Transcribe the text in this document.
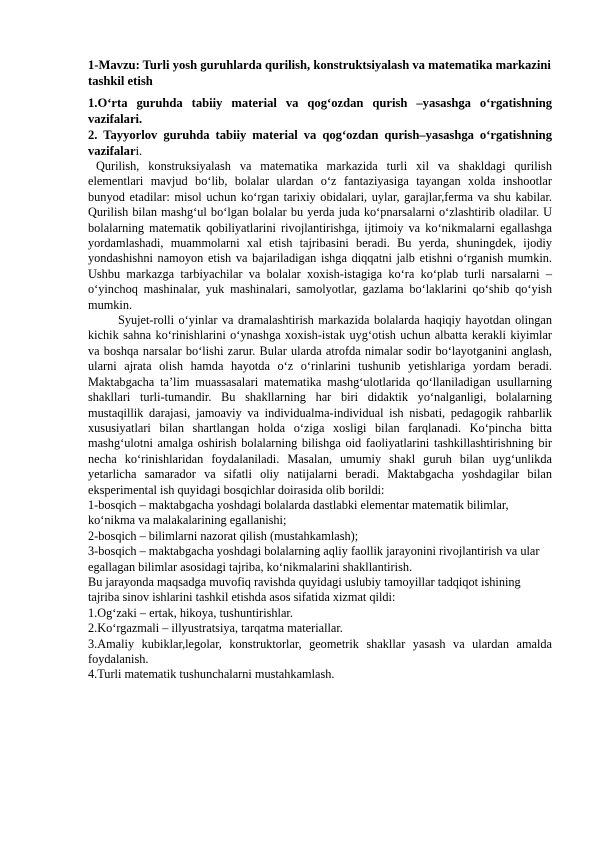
1-Mavzu: Turli yosh guruhlarda qurilish, konstruktsiyalash va matematika markazini tashkil etish

1.O‘rta guruhda tabiiy material va qog‘ozdan qurish –yasashga o‘rgatishning vazifalari.

2. Tayyorlov guruhda tabiiy material va qog‘ozdan qurish–yasashga o‘rgatishning vazifalari.

Qurilish, konstruksiyalash va matematika markazida turli xil va shakldagi qurilish elementlari mavjud bo‘lib, bolalar ulardan o‘z fantaziyasiga tayangan xolda inshootlar bunyod etadilar: misol uchun ko‘rgan tarixiy obidalari, uylar, garajlar,ferma va shu kabilar. Qurilish bilan mashg‘ul bo‘lgan bolalar bu yerda juda ko‘pnarsalarni o‘zlashtirib oladilar. U bolalarning matematik qobiliyatlarini rivojlantirishga, ijtimoiy va ko‘nikmalarni egallashga yordamlashadi, muammolarni xal etish tajribasini beradi. Bu yerda, shuningdek, ijodiy yondashishni namoyon etish va bajariladigan ishga diqqatni jalb etishni o‘rganish mumkin. Ushbu markazga tarbiyachilar va bolalar xoxish-istagiga ko‘ra ko‘plab turli narsalarni – o‘yinchoq mashinalar, yuk mashinalari, samolyotlar, gazlama bo‘laklarini qo‘shib qo‘yish mumkin.

Syujet-rolli o‘yinlar va dramalashtirish markazida bolalarda haqiqiy hayotdan olingan kichik sahna ko‘rinishlarini o‘ynashga xoxish-istak uyg‘otish uchun albatta kerakli kiyimlar va boshqa narsalar bo‘lishi zarur. Bular ularda atrofda nimalar sodir bo‘layotganini anglash, ularni ajrata olish hamda hayotda o‘z o‘rinlarini tushunib yetishlariga yordam beradi. Maktabgacha ta’lim muassasalari matematika mashg‘ulotlarida qo‘llaniladigan usullarning shakllari turli-tumandir. Bu shakllarning har biri didaktik yo‘nalganligi, bolalarning mustaqillik darajasi, jamoaviy va individualma-individual ish nisbati, pedagogik rahbarlik xususiyatlari bilan shartlangan holda o‘ziga xosligi bilan farqlanadi. Ko‘pincha bitta mashg‘ulotni amalga oshirish bolalarning bilishga oid faoliyatlarini tashkillashtirishning bir necha ko‘rinishlaridan foydalaniladi. Masalan, umumiy shakl guruh bilan uyg‘unlikda yetarlicha samarador va sifatli oliy natijalarni beradi. Maktabgacha yoshdagilar bilan eksperimental ish quyidagi bosqichlar doirasida olib borildi:

1-bosqich – maktabgacha yoshdagi bolalarda dastlabki elementar matematik bilimlar, ko‘nikma va malakalarining egallanishi;

2-bosqich – bilimlarni nazorat qilish (mustahkamlash);

3-bosqich – maktabgacha yoshdagi bolalarning aqliy faollik jarayonini rivojlantirish va ular egallagan bilimlar asosidagi tajriba, ko‘nikmalarini shakllantirish.

Bu jarayonda maqsadga muvofiq ravishda quyidagi uslubiy tamoyillar tadqiqot ishining tajriba sinov ishlarini tashkil etishda asos sifatida xizmat qildi:

1.Og‘zaki – ertak, hikoya, tushuntirishlar.

2.Ko‘rgazmali – illyustratsiya, tarqatma materiallar.

3.Amaliy kubiklar,legolar, konstruktorlar, geometrik shakllar yasash va ulardan amalda foydalanish.

4.Turli matematik tushunchalarni mustahkamlash.
